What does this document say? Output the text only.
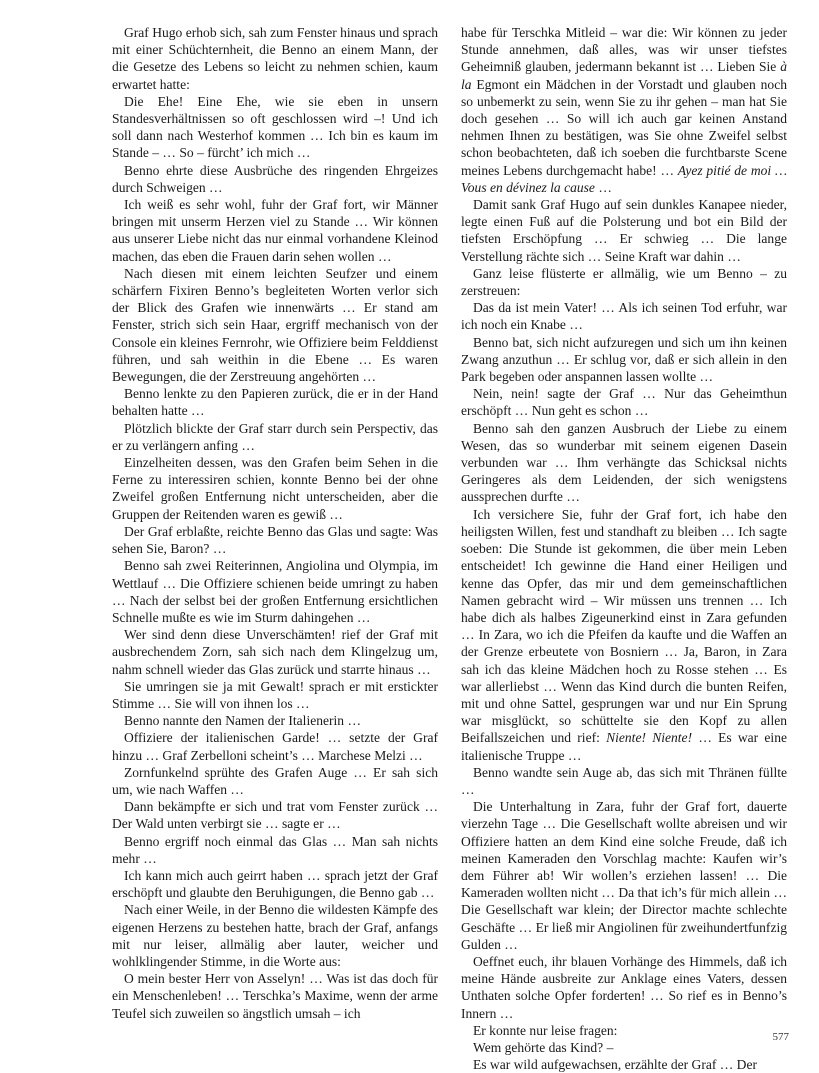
Graf Hugo erhob sich, sah zum Fenster hinaus und sprach mit einer Schüchternheit, die Benno an einem Mann, der die Gesetze des Lebens so leicht zu nehmen schien, kaum erwartet hatte:

Die Ehe! Eine Ehe, wie sie eben in unsern Standesverhältnissen so oft geschlossen wird –! Und ich soll dann nach Westerhof kommen … Ich bin es kaum im Stande – … So – fürcht’ ich mich …

Benno ehrte diese Ausbrüche des ringenden Ehrgeizes durch Schweigen …

Ich weiß es sehr wohl, fuhr der Graf fort, wir Männer bringen mit unserm Herzen viel zu Stande … Wir können aus unserer Liebe nicht das nur einmal vorhandene Kleinod machen, das eben die Frauen darin sehen wollen …

Nach diesen mit einem leichten Seufzer und einem schärfern Fixiren Benno’s begleiteten Worten verlor sich der Blick des Grafen wie innenwärts … Er stand am Fenster, strich sich sein Haar, ergriff mechanisch von der Console ein kleines Fernrohr, wie Offiziere beim Felddienst führen, und sah weithin in die Ebene … Es waren Bewegungen, die der Zerstreuung angehörten …

Benno lenkte zu den Papieren zurück, die er in der Hand behalten hatte …

Plötzlich blickte der Graf starr durch sein Perspectiv, das er zu verlängern anfing …

Einzelheiten dessen, was den Grafen beim Sehen in die Ferne zu interessiren schien, konnte Benno bei der ohne Zweifel großen Entfernung nicht unterscheiden, aber die Gruppen der Reitenden waren es gewiß …

Der Graf erblaßte, reichte Benno das Glas und sagte: Was sehen Sie, Baron? …

Benno sah zwei Reiterinnen, Angiolina und Olympia, im Wettlauf … Die Offiziere schienen beide umringt zu haben … Nach der selbst bei der großen Entfernung ersichtlichen Schnelle mußte es wie im Sturm dahingehen …

Wer sind denn diese Unverschämten! rief der Graf mit ausbrechendem Zorn, sah sich nach dem Klingelzug um, nahm schnell wieder das Glas zurück und starrte hinaus …

Sie umringen sie ja mit Gewalt! sprach er mit erstickter Stimme … Sie will von ihnen los …

Benno nannte den Namen der Italienerin …

Offiziere der italienischen Garde! … setzte der Graf hinzu … Graf Zerbelloni scheint’s … Marchese Melzi …

Zornfunkelnd sprühte des Grafen Auge … Er sah sich um, wie nach Waffen …

Dann bekämpfte er sich und trat vom Fenster zurück … Der Wald unten verbirgt sie … sagte er …

Benno ergriff noch einmal das Glas … Man sah nichts mehr …

Ich kann mich auch geirrt haben … sprach jetzt der Graf erschöpft und glaubte den Beruhigungen, die Benno gab …

Nach einer Weile, in der Benno die wildesten Kämpfe des eigenen Herzens zu bestehen hatte, brach der Graf, anfangs mit nur leiser, allmälig aber lauter, weicher und wohlklingender Stimme, in die Worte aus:

O mein bester Herr von Asselyn! … Was ist das doch für ein Menschenleben! … Terschka’s Maxime, wenn der arme Teufel sich zuweilen so ängstlich umsah – ich

habe für Terschka Mitleid – war die: Wir können zu jeder Stunde annehmen, daß alles, was wir unser tiefstes Geheimniß glauben, jedermann bekannt ist … Lieben Sie à la Egmont ein Mädchen in der Vorstadt und glauben noch so unbemerkt zu sein, wenn Sie zu ihr gehen – man hat Sie doch gesehen … So will ich auch gar keinen Anstand nehmen Ihnen zu bestätigen, was Sie ohne Zweifel selbst schon beobachteten, daß ich soeben die furchtbarste Scene meines Lebens durchgemacht habe! … Ayez pitié de moi … Vous en dévinez la cause …

Damit sank Graf Hugo auf sein dunkles Kanapee nieder, legte einen Fuß auf die Polsterung und bot ein Bild der tiefsten Erschöpfung … Er schwieg … Die lange Verstellung rächte sich … Seine Kraft war dahin …

Ganz leise flüsterte er allmälig, wie um Benno – zu zerstreuen:

Das da ist mein Vater! … Als ich seinen Tod erfuhr, war ich noch ein Knabe …

Benno bat, sich nicht aufzuregen und sich um ihn keinen Zwang anzuthun … Er schlug vor, daß er sich allein in den Park begeben oder anspannen lassen wollte …

Nein, nein! sagte der Graf … Nur das Geheimthun erschöpft … Nun geht es schon …

Benno sah den ganzen Ausbruch der Liebe zu einem Wesen, das so wunderbar mit seinem eigenen Dasein verbunden war … Ihm verhängte das Schicksal nichts Geringeres als dem Leidenden, der sich wenigstens aussprechen durfte …

Ich versichere Sie, fuhr der Graf fort, ich habe den heiligsten Willen, fest und standhaft zu bleiben … Ich sagte soeben: Die Stunde ist gekommen, die über mein Leben entscheidet! Ich gewinne die Hand einer Heiligen und kenne das Opfer, das mir und dem gemeinschaftlichen Namen gebracht wird – Wir müssen uns trennen … Ich habe dich als halbes Zigeunerkind einst in Zara gefunden … In Zara, wo ich die Pfeifen da kaufte und die Waffen an der Grenze erbeutete von Bosniern … Ja, Baron, in Zara sah ich das kleine Mädchen hoch zu Rosse stehen … Es war allerliebst … Wenn das Kind durch die bunten Reifen, mit und ohne Sattel, gesprungen war und nur Ein Sprung war misglückt, so schüttelte sie den Kopf zu allen Beifallszeichen und rief: Niente! Niente! … Es war eine italienische Truppe …

Benno wandte sein Auge ab, das sich mit Thränen füllte …

Die Unterhaltung in Zara, fuhr der Graf fort, dauerte vierzehn Tage … Die Gesellschaft wollte abreisen und wir Offiziere hatten an dem Kind eine solche Freude, daß ich meinen Kameraden den Vorschlag machte: Kaufen wir’s dem Führer ab! Wir wollen’s erziehen lassen! … Die Kameraden wollten nicht … Da that ich’s für mich allein … Die Gesellschaft war klein; der Director machte schlechte Geschäfte … Er ließ mir Angiolinen für zweihundertfunfzig Gulden …

Oeffnet euch, ihr blauen Vorhänge des Himmels, daß ich meine Hände ausbreite zur Anklage eines Vaters, dessen Unthaten solche Opfer forderten! … So rief es in Benno’s Innern …

Er konnte nur leise fragen:

Wem gehörte das Kind? –

Es war wild aufgewachsen, erzählte der Graf … Der

577
